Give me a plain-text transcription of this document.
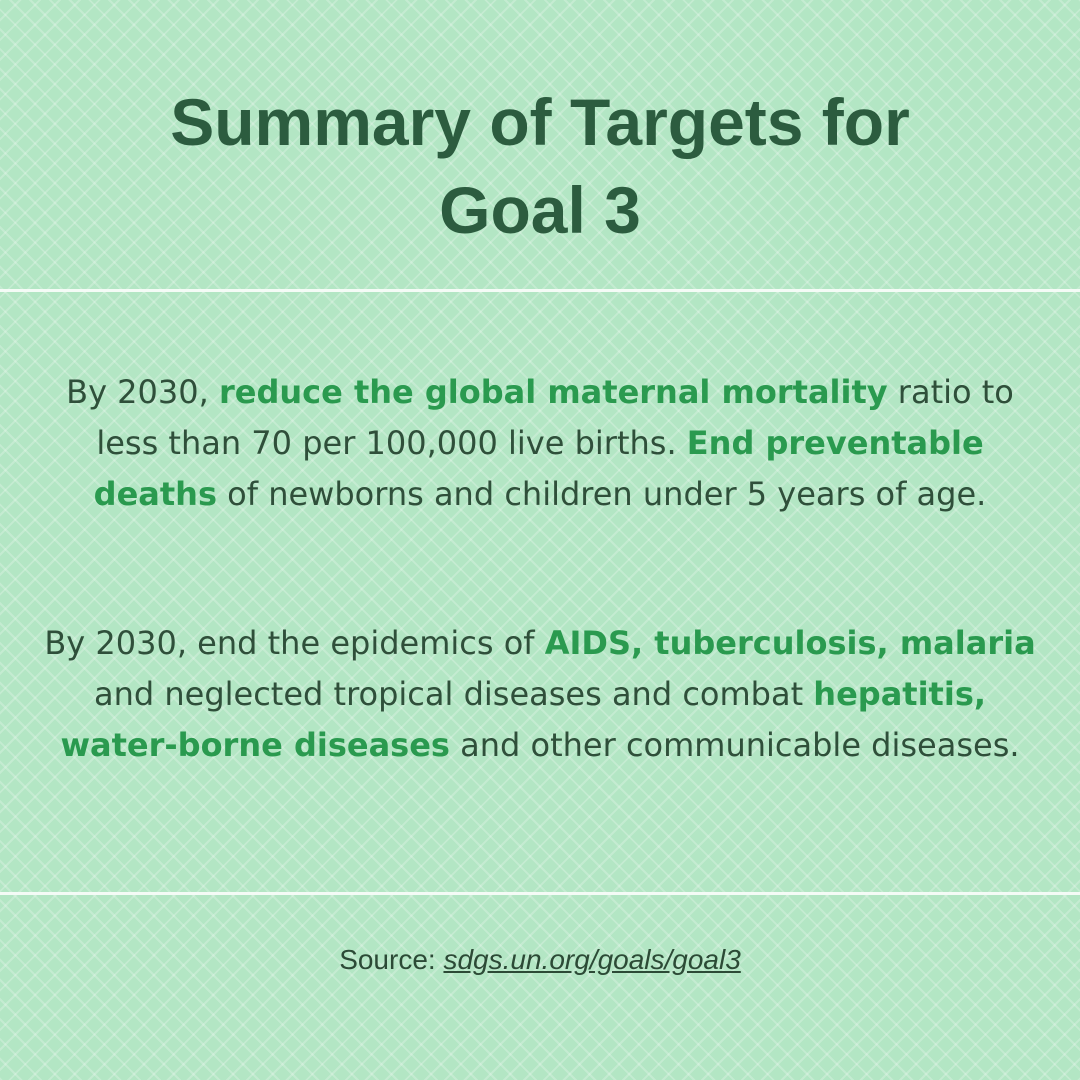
Summary of Targets for
Goal 3

By 2030, reduce the global maternal mortality ratio to less than 70 per 100,000 live births. End preventable deaths of newborns and children under 5 years of age.

By 2030, end the epidemics of AIDS, tuberculosis, malaria and neglected tropical diseases and combat hepatitis, water-borne diseases and other communicable diseases.

Source: sdgs.un.org/goals/goal3
